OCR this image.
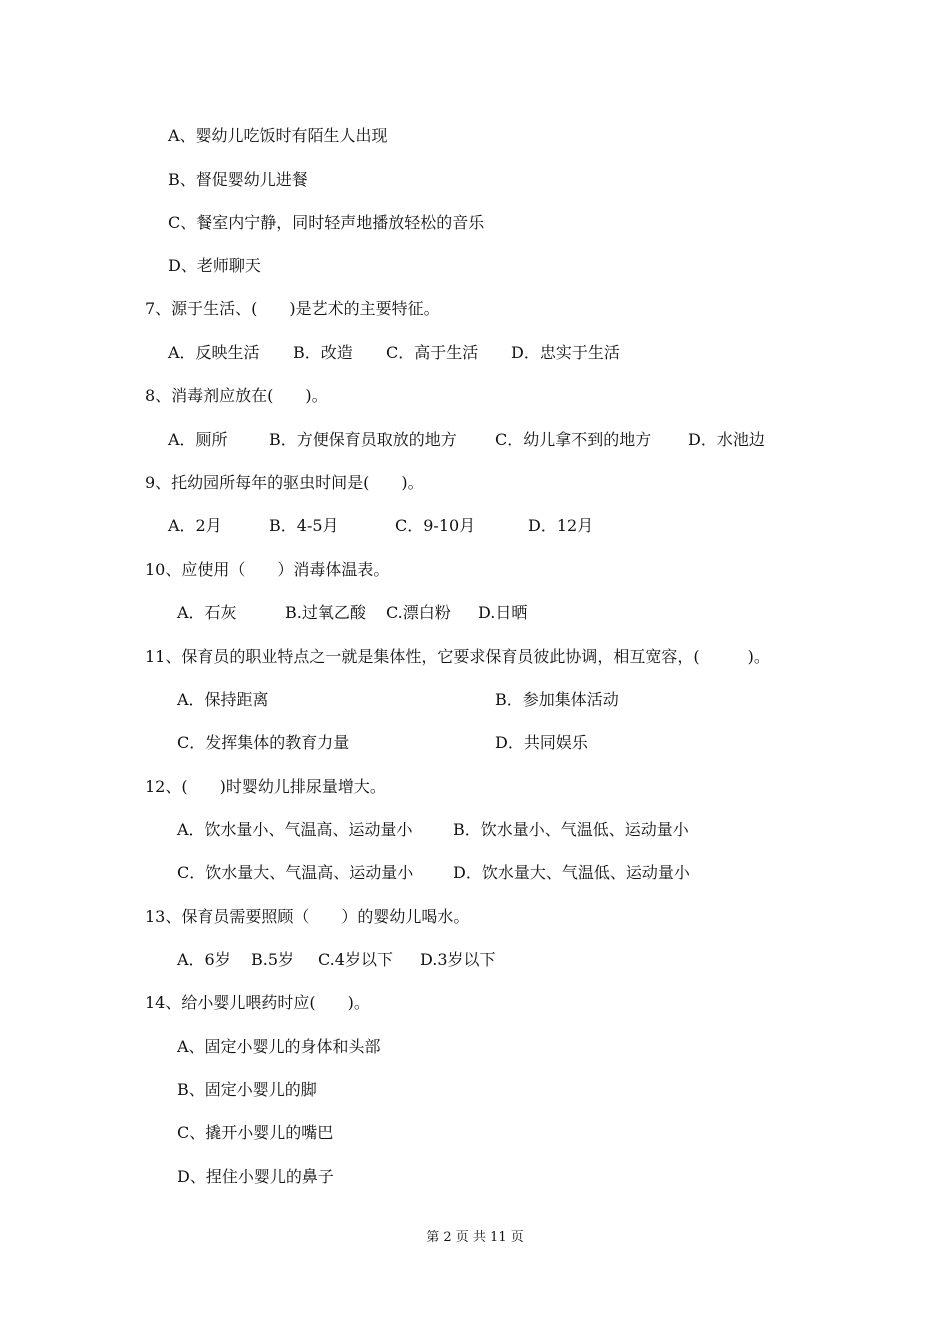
A、婴幼儿吃饭时有陌生人出现
B、督促婴幼儿进餐
C、餐室内宁静，同时轻声地播放轻松的音乐
D、老师聊天
7、源于生活、(　　)是艺术的主要特征。
A．反映生活 B．改造 C．高于生活 D．忠实于生活
8、消毒剂应放在(　　)。
A．厕所	B．方便保育员取放的地方 C．幼儿拿不到的地方 D．水池边
9、托幼园所每年的驱虫时间是(　　)。
A．2月	B．4-5月	C．9-10月	D．12月
10、应使用（　　）消毒体温表。
A．石灰	B.过氧乙酸 C.漂白粉 D.日晒
11、保育员的职业特点之一就是集体性，它要求保育员彼此协调，相互宽容，(　　　)。
A．保持距离	B．参加集体活动
C．发挥集体的教育力量	D．共同娱乐
12、(　　)时婴幼儿排尿量增大。
A．饮水量小、气温高、运动量小	B．饮水量小、气温低、运动量小
C．饮水量大、气温高、运动量小 D．饮水量大、气温低、运动量小
13、保育员需要照顾（　　）的婴幼儿喝水。
A．6岁 B.5岁 C.4岁以下 D.3岁以下
14、给小婴儿喂药时应(　　)。
A、固定小婴儿的身体和头部
B、固定小婴儿的脚
C、撬开小婴儿的嘴巴
D、捏住小婴儿的鼻子
第 2 页 共 11 页
